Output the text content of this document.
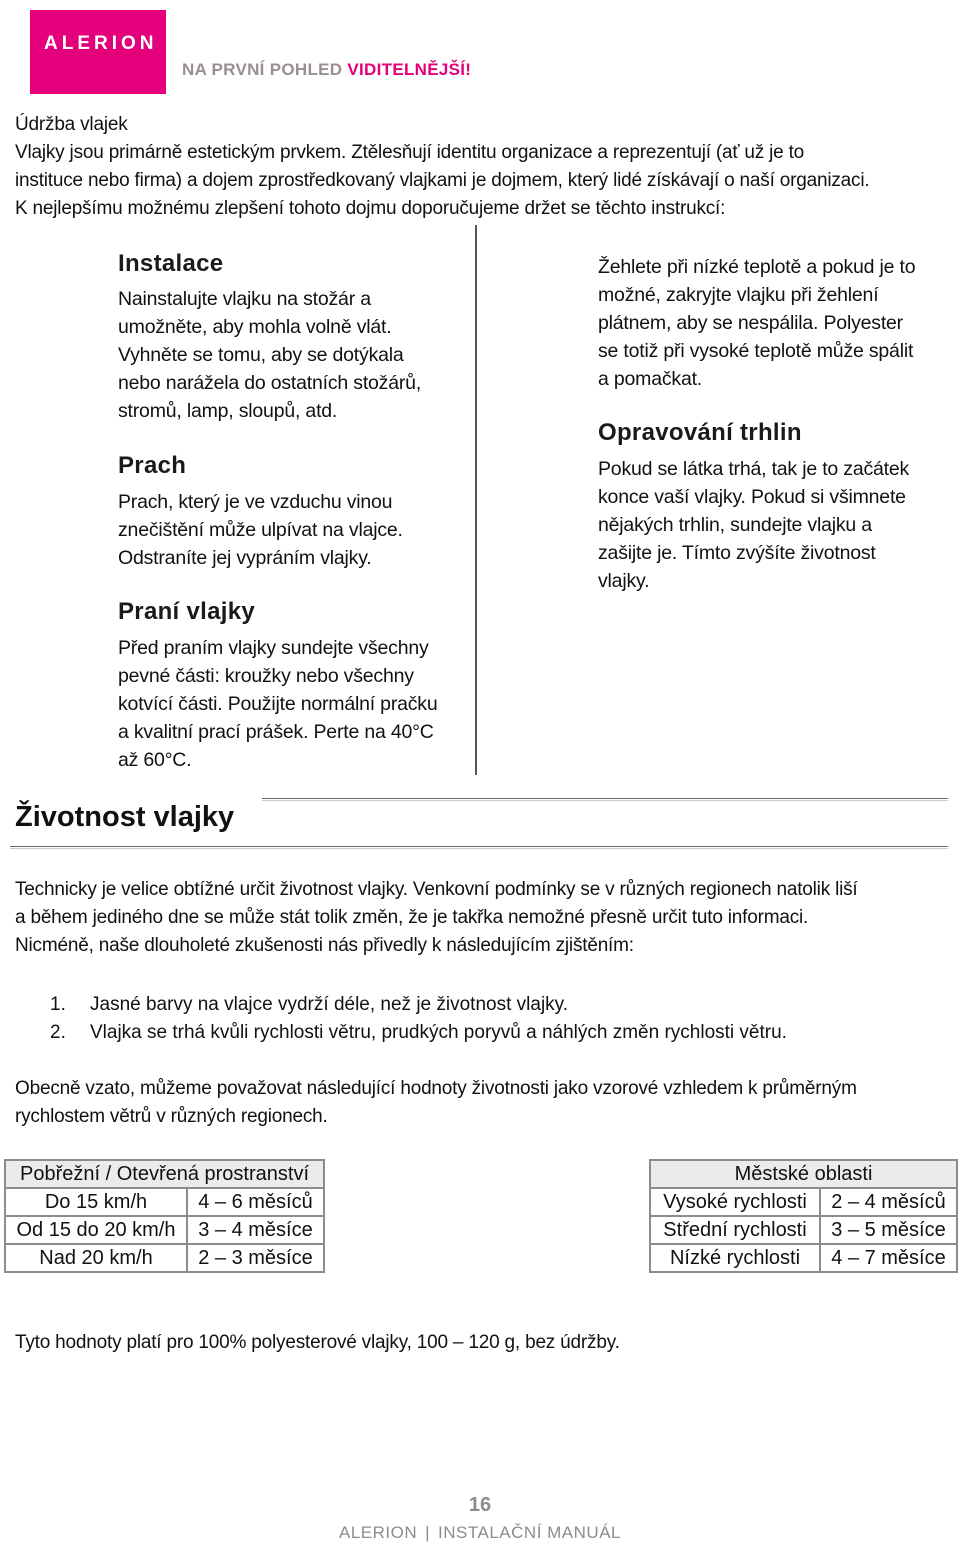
ALERION
NA PRVNÍ POHLED VIDITELNĚJŠÍ!
Údržba vlajek
Vlajky jsou primárně estetickým prvkem. Ztělesňují identitu organizace a reprezentují (ať už je to
instituce nebo firma) a dojem zprostředkovaný vlajkami je dojmem, který lidé získávají o naší organizaci.
K nejlepšímu možnému zlepšení tohoto dojmu doporučujeme držet se těchto instrukcí:
Instalace
Nainstalujte vlajku na stožár a
umožněte, aby mohla volně vlát.
Vyhněte se tomu, aby se dotýkala
nebo narážela do ostatních stožárů,
stromů, lamp, sloupů, atd.
Prach
Prach, který je ve vzduchu vinou
znečištění může ulpívat na vlajce.
Odstraníte jej vypráním vlajky.
Praní vlajky
Před praním vlajky sundejte všechny
pevné části: kroužky nebo všechny
kotvící části. Použijte normální pračku
a kvalitní prací prášek. Perte na 40°C
až 60°C.
Žehlete při nízké teplotě a pokud je to
možné, zakryjte vlajku při žehlení
plátnem, aby se nespálila. Polyester
se totiž při vysoké teplotě může spálit
a pomačkat.
Opravování trhlin
Pokud se látka trhá, tak je to začátek
konce vaší vlajky. Pokud si všimnete
nějakých trhlin, sundejte vlajku a
zašijte je. Tímto zvýšíte životnost
vlajky.
Životnost vlajky
Technicky je velice obtížné určit životnost vlajky. Venkovní podmínky se v různých regionech natolik liší
a během jediného dne se může stát tolik změn, že je takřka nemožné přesně určit tuto informaci.
Nicméně, naše dlouholeté zkušenosti nás přivedly k následujícím zjištěním:
1. Jasné barvy na vlajce vydrží déle, než je životnost vlajky.
2. Vlajka se trhá kvůli rychlosti větru, prudkých poryvů a náhlých změn rychlosti větru.
Obecně vzato, můžeme považovat následující hodnoty životnosti jako vzorové vzhledem k průměrným
rychlostem větrů v různých regionech.
Pobřežní / Otevřená prostranství	
Do 15 km/h	4 – 6 měsíců
Od 15 do 20 km/h	3 – 4 měsíce
Nad 20 km/h	2 – 3 měsíce
Městské oblasti	
Vysoké rychlosti	2 – 4 měsíců
Střední rychlosti	3 – 5 měsíce
Nízké rychlosti	4 – 7 měsíce
Tyto hodnoty platí pro 100% polyesterové vlajky, 100 – 120 g, bez údržby.
16
ALERION | INSTALAČNÍ MANUÁL
